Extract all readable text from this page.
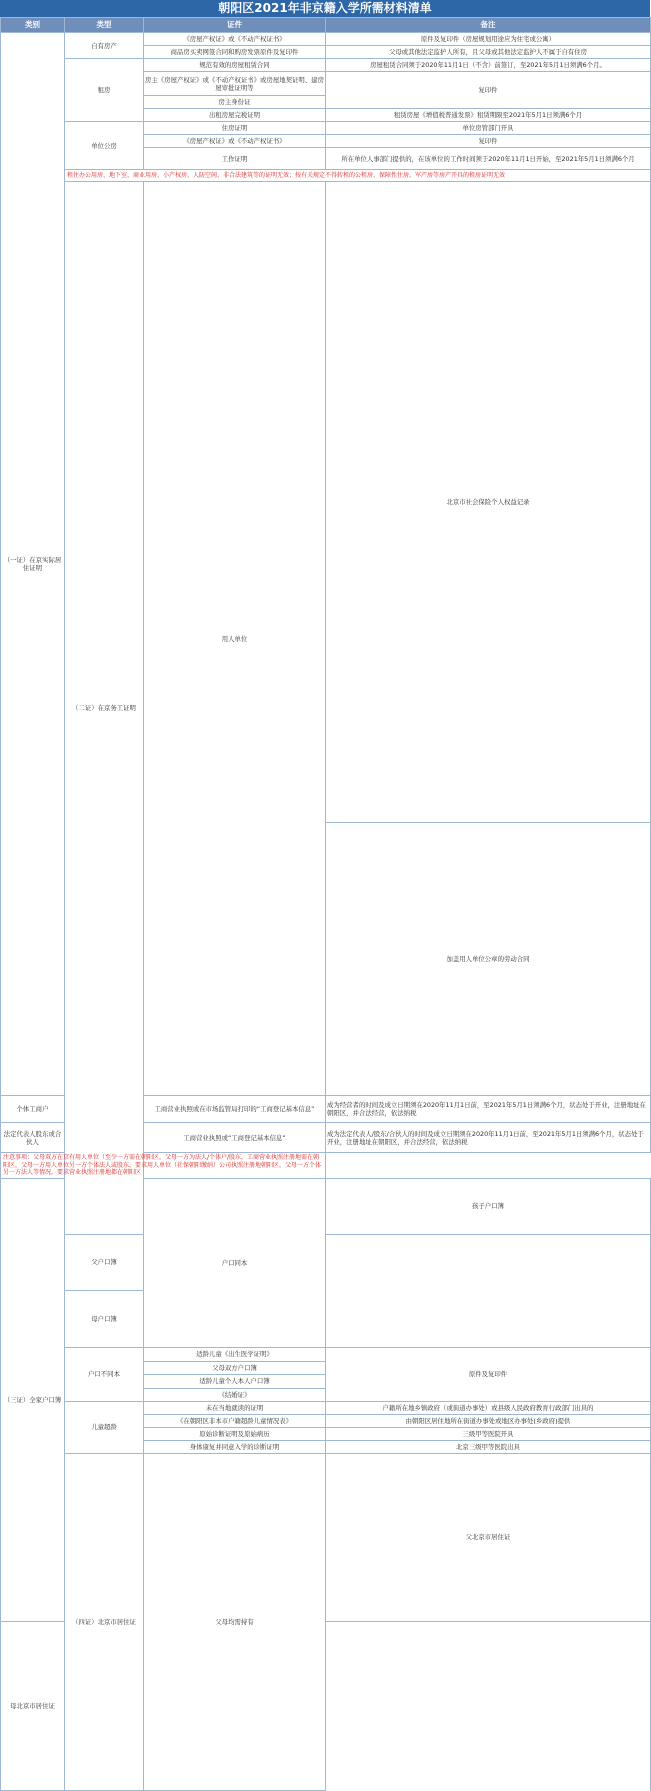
朝阳区2021年非京籍入学所需材料清单
类别	类型	证件	备注	
（一证）在京实际居住证明	自有房产	《房屋产权证》或《不动产权证书》	原件及复印件（房屋规划用途应为住宅或公寓）	
		商品房买卖网签合同和购房发票原件及复印件	父母或其他法定监护人所有，且父母或其他法定监护人不属于自有住房	
	租房	规范有效的房屋租赁合同	房屋租赁合同须于2020年11月1日（不含）前签订，至2021年5月1日须满6个月。	
		房主《房屋产权证》或《不动产权证书》或房屋地契证明、建房屋审批证明等	复印件	
		房主身份证		
		出租房屋完税证明	租赁房屋《增值税普通发票》租赁期限至2021年5月1日须满6个月	
	单位公房	住房证明	单位房管部门开具	
		《房屋产权证》或《不动产权证书》	复印件	
		工作证明	所在单位人事部门提供的，在该单位的工作时间须于2020年11月1日开始，至2021年5月1日须满6个月	
	租住办公用房、地下室、商业用房、小产权房、人防空间、非合法建筑等的证明无效；按有关规定不得转租的公租房、保障性住房、军产房等房产开具的租房证明无效			
	（二证）在京务工证明	用人单位	北京市社会保险个人权益记录	
			加盖用人单位公章的劳动合同	
个体工商户		工商营业执照或在市场监管局打印的“工商登记基本信息”	成为经营者的时间及成立日期须在2020年11月1日前，至2021年5月1日须满6个月，状态处于开业，注册地址在朝阳区，并合法经营，依法纳税	
法定代表人股东或合伙人		工商营业执照或“工商登记基本信息”	成为法定代表人/股东/合伙人的时间及成立日期须在2020年11月1日前，至2021年5月1日须满6个月，状态处于开业，注册地址在朝阳区，并合法经营，依法纳税	
注意事项：父母双方在京有用人单位（至少一方需在朝阳区，父母一方为法人/个体户/股东，工商营业执照注册地需在朝阳区，父母一方用人单位另一方个体法人或股东，要求用人单位（社保朝阳缴纳）公司执照注册地朝阳区，父母一方个体另一方法人等情况，要求营业执照注册地都在朝阳区				
（三证）全家户口簿		户口同本	孩子户口簿	
	父户口簿			
	母户口簿			
	户口不同本	适龄儿童《出生医学证明》	原件及复印件	
		父母双方户口簿		
		适龄儿童个人本人户口簿		
		《结婚证》		
	儿童超龄	未在当地就读的证明	户籍所在地乡镇政府（或街道办事处）或县级人民政府教育行政部门出具的	
		《在朝阳区非本市户籍超龄儿童情况表》	由朝阳区居住地所在街道办事处或地区办事处(乡政府)提供	
		原始诊断证明及原始病历	三级甲等医院开具	
		身体康复并同意入学的诊断证明	北京三级甲等医院出具	
	（四证）北京市居住证	父母均需持有	父北京市居住证	
母北京市居住证				
